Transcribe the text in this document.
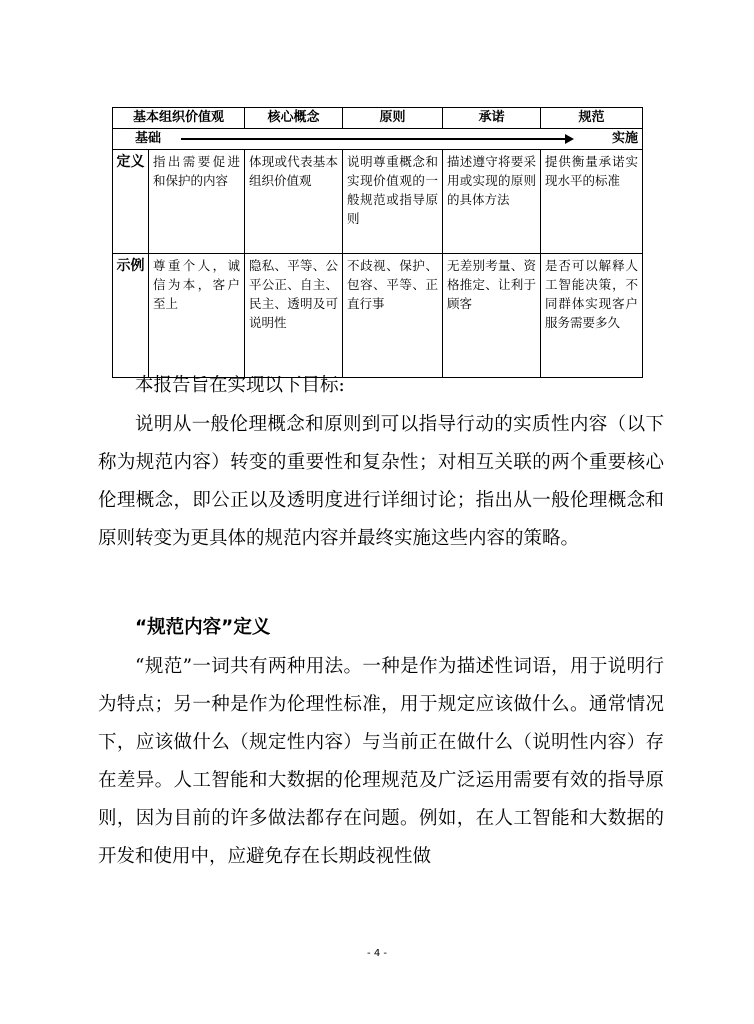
基本组织价值观		核心概念	原则	承诺	规范

基础 实施					

定义	指出需要促进和保护的内容	体现或代表基本组织价值观	说明尊重概念和实现价值观的一般规范或指导原则	描述遵守将要采用或实现的原则的具体方法	提供衡量承诺实现水平的标准
示例	尊重个人，诚信为本，客户至上	隐私、平等、公平公正、自主、民主、透明及可说明性	不歧视、保护、包容、平等、正直行事	无差别考量、资格推定、让利于顾客	是否可以解释人工智能决策，不同群体实现客户服务需要多久

本报告旨在实现以下目标:

说明从一般伦理概念和原则到可以指导行动的实质性内容（以下称为规范内容）转变的重要性和复杂性；对相互关联的两个重要核心伦理概念，即公正以及透明度进行详细讨论；指出从一般伦理概念和原则转变为更具体的规范内容并最终实施这些内容的策略。

“规范内容”定义

“规范”一词共有两种用法。一种是作为描述性词语，用于说明行为特点；另一种是作为伦理性标准，用于规定应该做什么。通常情况下，应该做什么（规定性内容）与当前正在做什么（说明性内容）存在差异。人工智能和大数据的伦理规范及广泛运用需要有效的指导原则，因为目前的许多做法都存在问题。例如，在人工智能和大数据的开发和使用中，应避免存在长期歧视性做

- 4 -
